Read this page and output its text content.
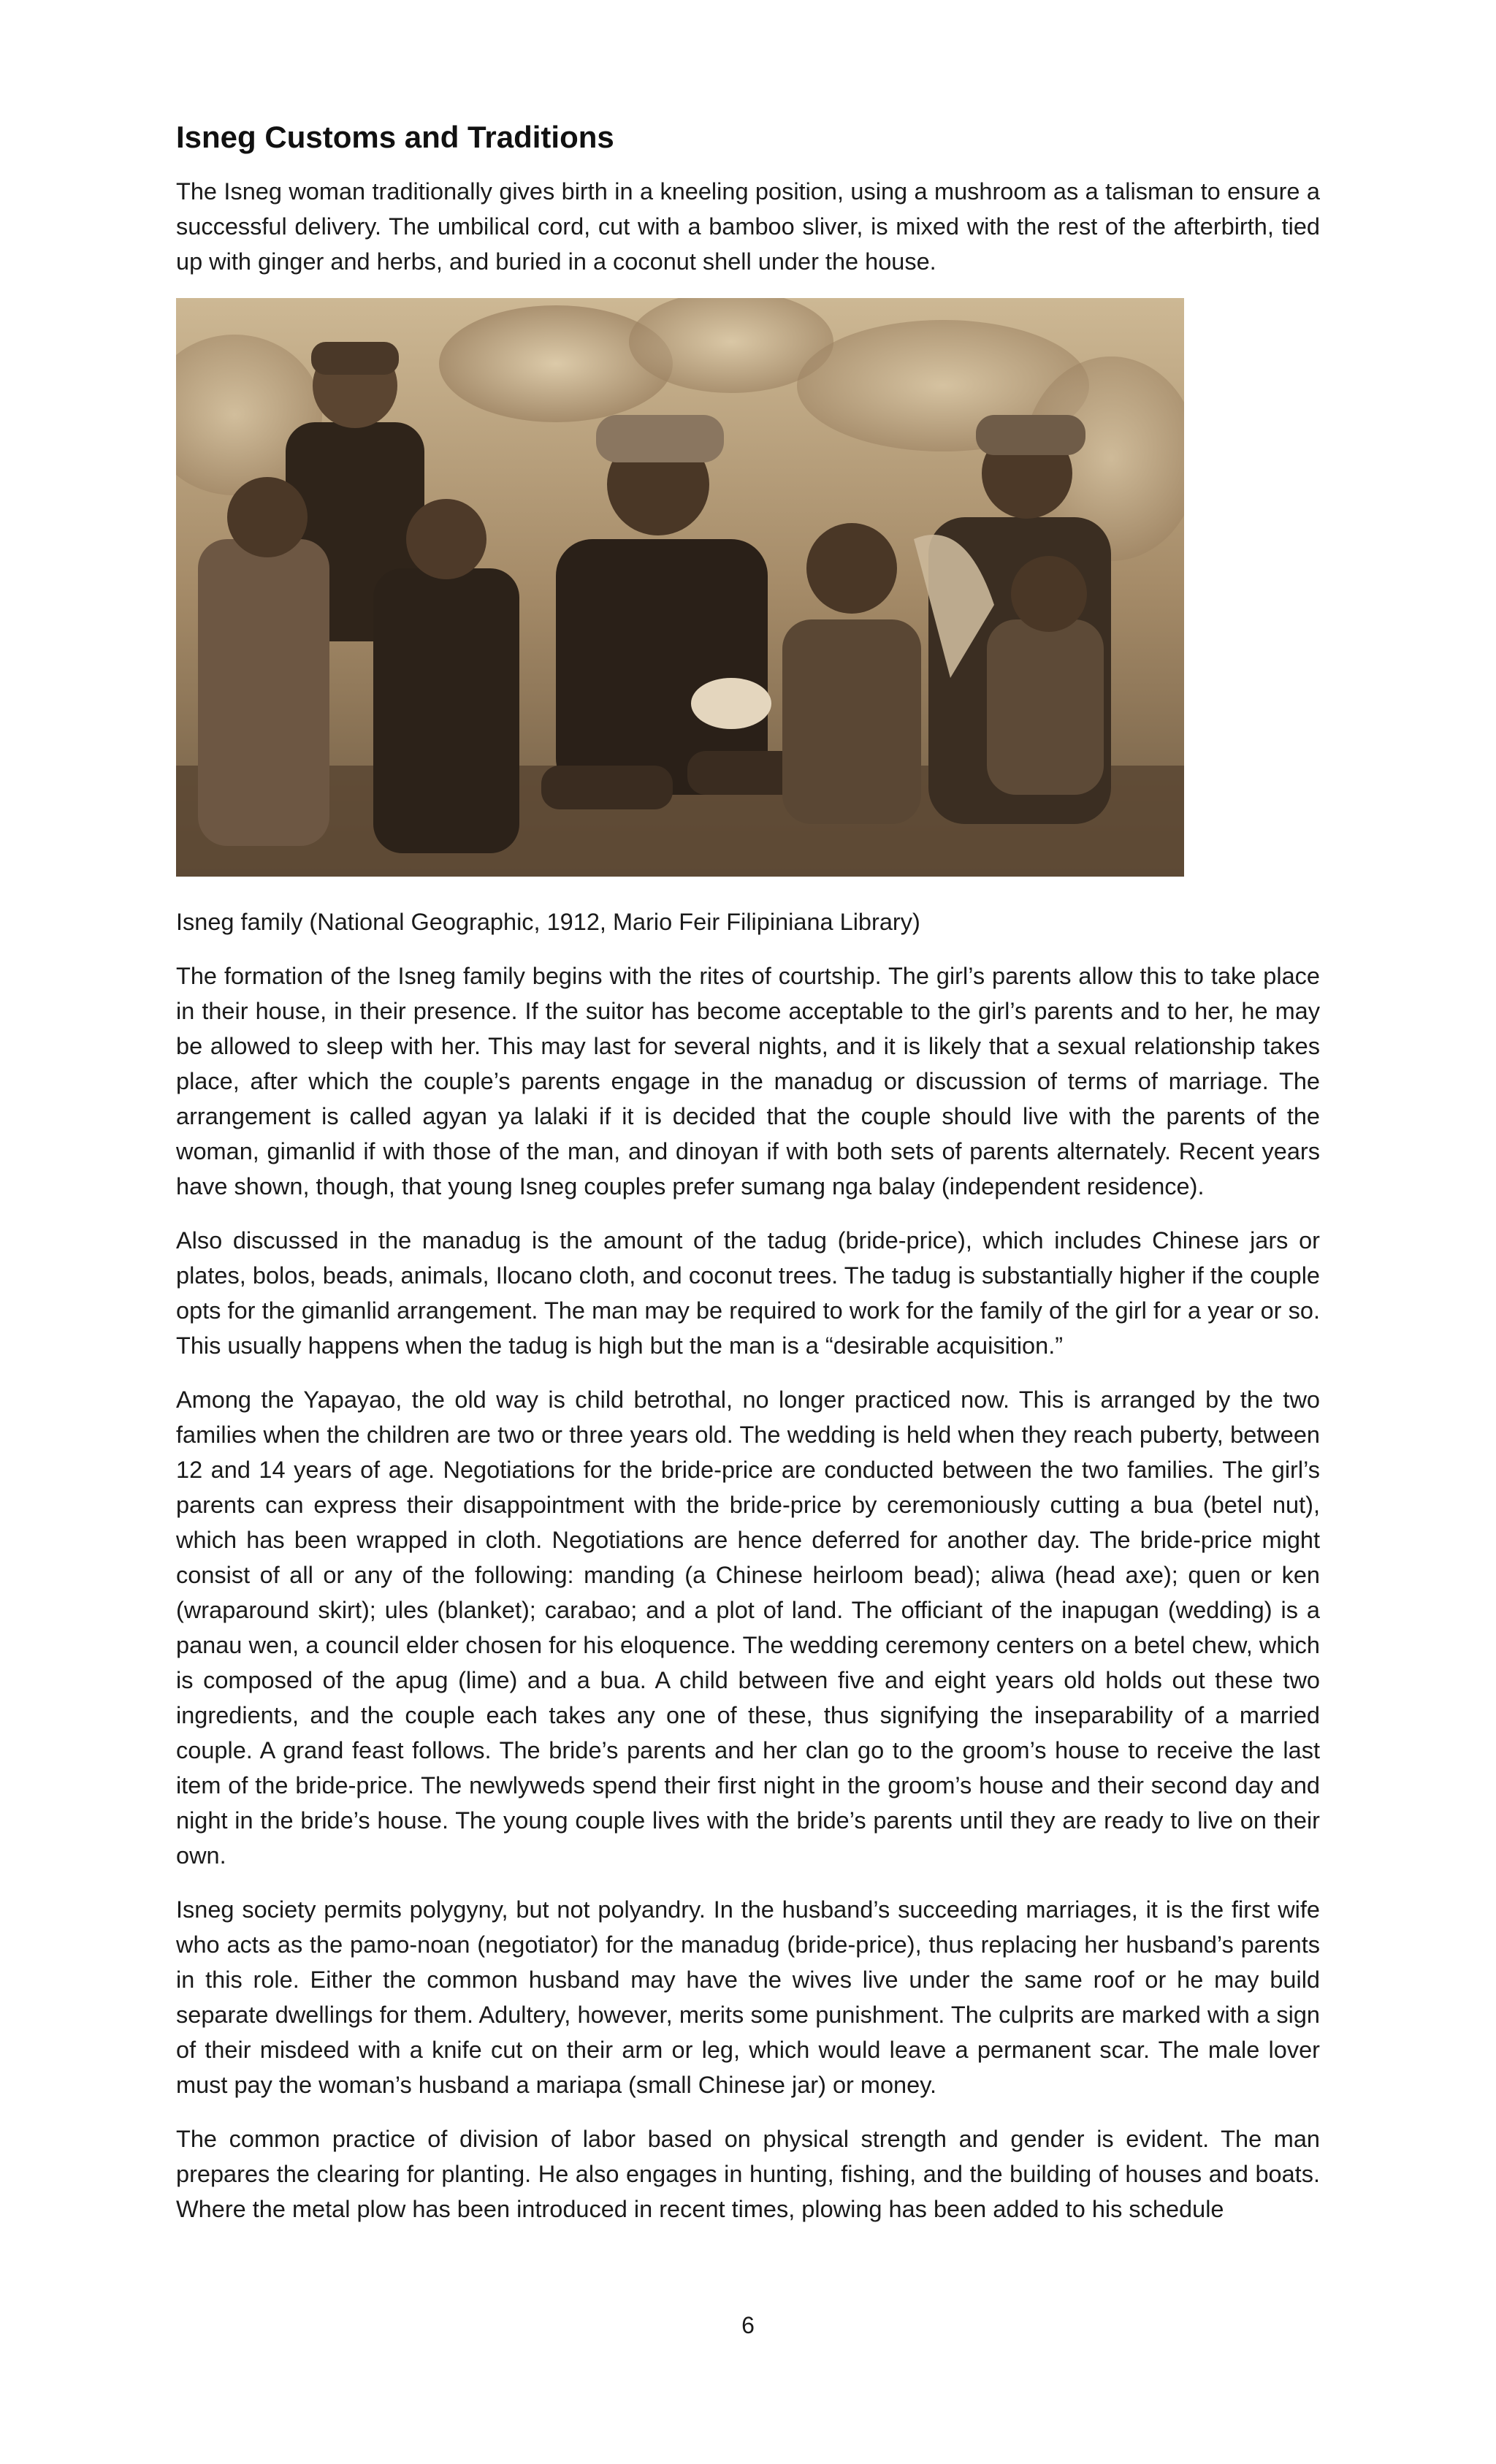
Isneg Customs and Traditions

The Isneg woman traditionally gives birth in a kneeling position, using a mushroom as a talisman to ensure a successful delivery. The umbilical cord, cut with a bamboo sliver, is mixed with the rest of the afterbirth, tied up with ginger and herbs, and buried in a coconut shell under the house.

Isneg family (National Geographic, 1912, Mario Feir Filipiniana Library)

The formation of the Isneg family begins with the rites of courtship. The girl’s parents allow this to take place in their house, in their presence. If the suitor has become acceptable to the girl’s parents and to her, he may be allowed to sleep with her. This may last for several nights, and it is likely that a sexual relationship takes place, after which the couple’s parents engage in the manadug or discussion of terms of marriage. The arrangement is called agyan ya lalaki if it is decided that the couple should live with the parents of the woman, gimanlid if with those of the man, and dinoyan if with both sets of parents alternately. Recent years have shown, though, that young Isneg couples prefer sumang nga balay (independent residence).

Also discussed in the manadug is the amount of the tadug (bride-price), which includes Chinese jars or plates, bolos, beads, animals, Ilocano cloth, and coconut trees. The tadug is substantially higher if the couple opts for the gimanlid arrangement. The man may be required to work for the family of the girl for a year or so. This usually happens when the tadug is high but the man is a “desirable acquisition.”

Among the Yapayao, the old way is child betrothal, no longer practiced now. This is arranged by the two families when the children are two or three years old. The wedding is held when they reach puberty, between 12 and 14 years of age. Negotiations for the bride-price are conducted between the two families. The girl’s parents can express their disappointment with the bride-price by ceremoniously cutting a bua (betel nut), which has been wrapped in cloth. Negotiations are hence deferred for another day. The bride-price might consist of all or any of the following: manding (a Chinese heirloom bead); aliwa (head axe); quen or ken (wraparound skirt); ules (blanket); carabao; and a plot of land. The officiant of the inapugan (wedding) is a panau wen, a council elder chosen for his eloquence. The wedding ceremony centers on a betel chew, which is composed of the apug (lime) and a bua. A child between five and eight years old holds out these two ingredients, and the couple each takes any one of these, thus signifying the inseparability of a married couple. A grand feast follows. The bride’s parents and her clan go to the groom’s house to receive the last item of the bride-price. The newlyweds spend their first night in the groom’s house and their second day and night in the bride’s house. The young couple lives with the bride’s parents until they are ready to live on their own.

Isneg society permits polygyny, but not polyandry. In the husband’s succeeding marriages, it is the first wife who acts as the pamo-noan (negotiator) for the manadug (bride-price), thus replacing her husband’s parents in this role. Either the common husband may have the wives live under the same roof or he may build separate dwellings for them. Adultery, however, merits some punishment. The culprits are marked with a sign of their misdeed with a knife cut on their arm or leg, which would leave a permanent scar. The male lover must pay the woman’s husband a mariapa (small Chinese jar) or money.

The common practice of division of labor based on physical strength and gender is evident. The man prepares the clearing for planting. He also engages in hunting, fishing, and the building of houses and boats. Where the metal plow has been introduced in recent times, plowing has been added to his schedule

6
